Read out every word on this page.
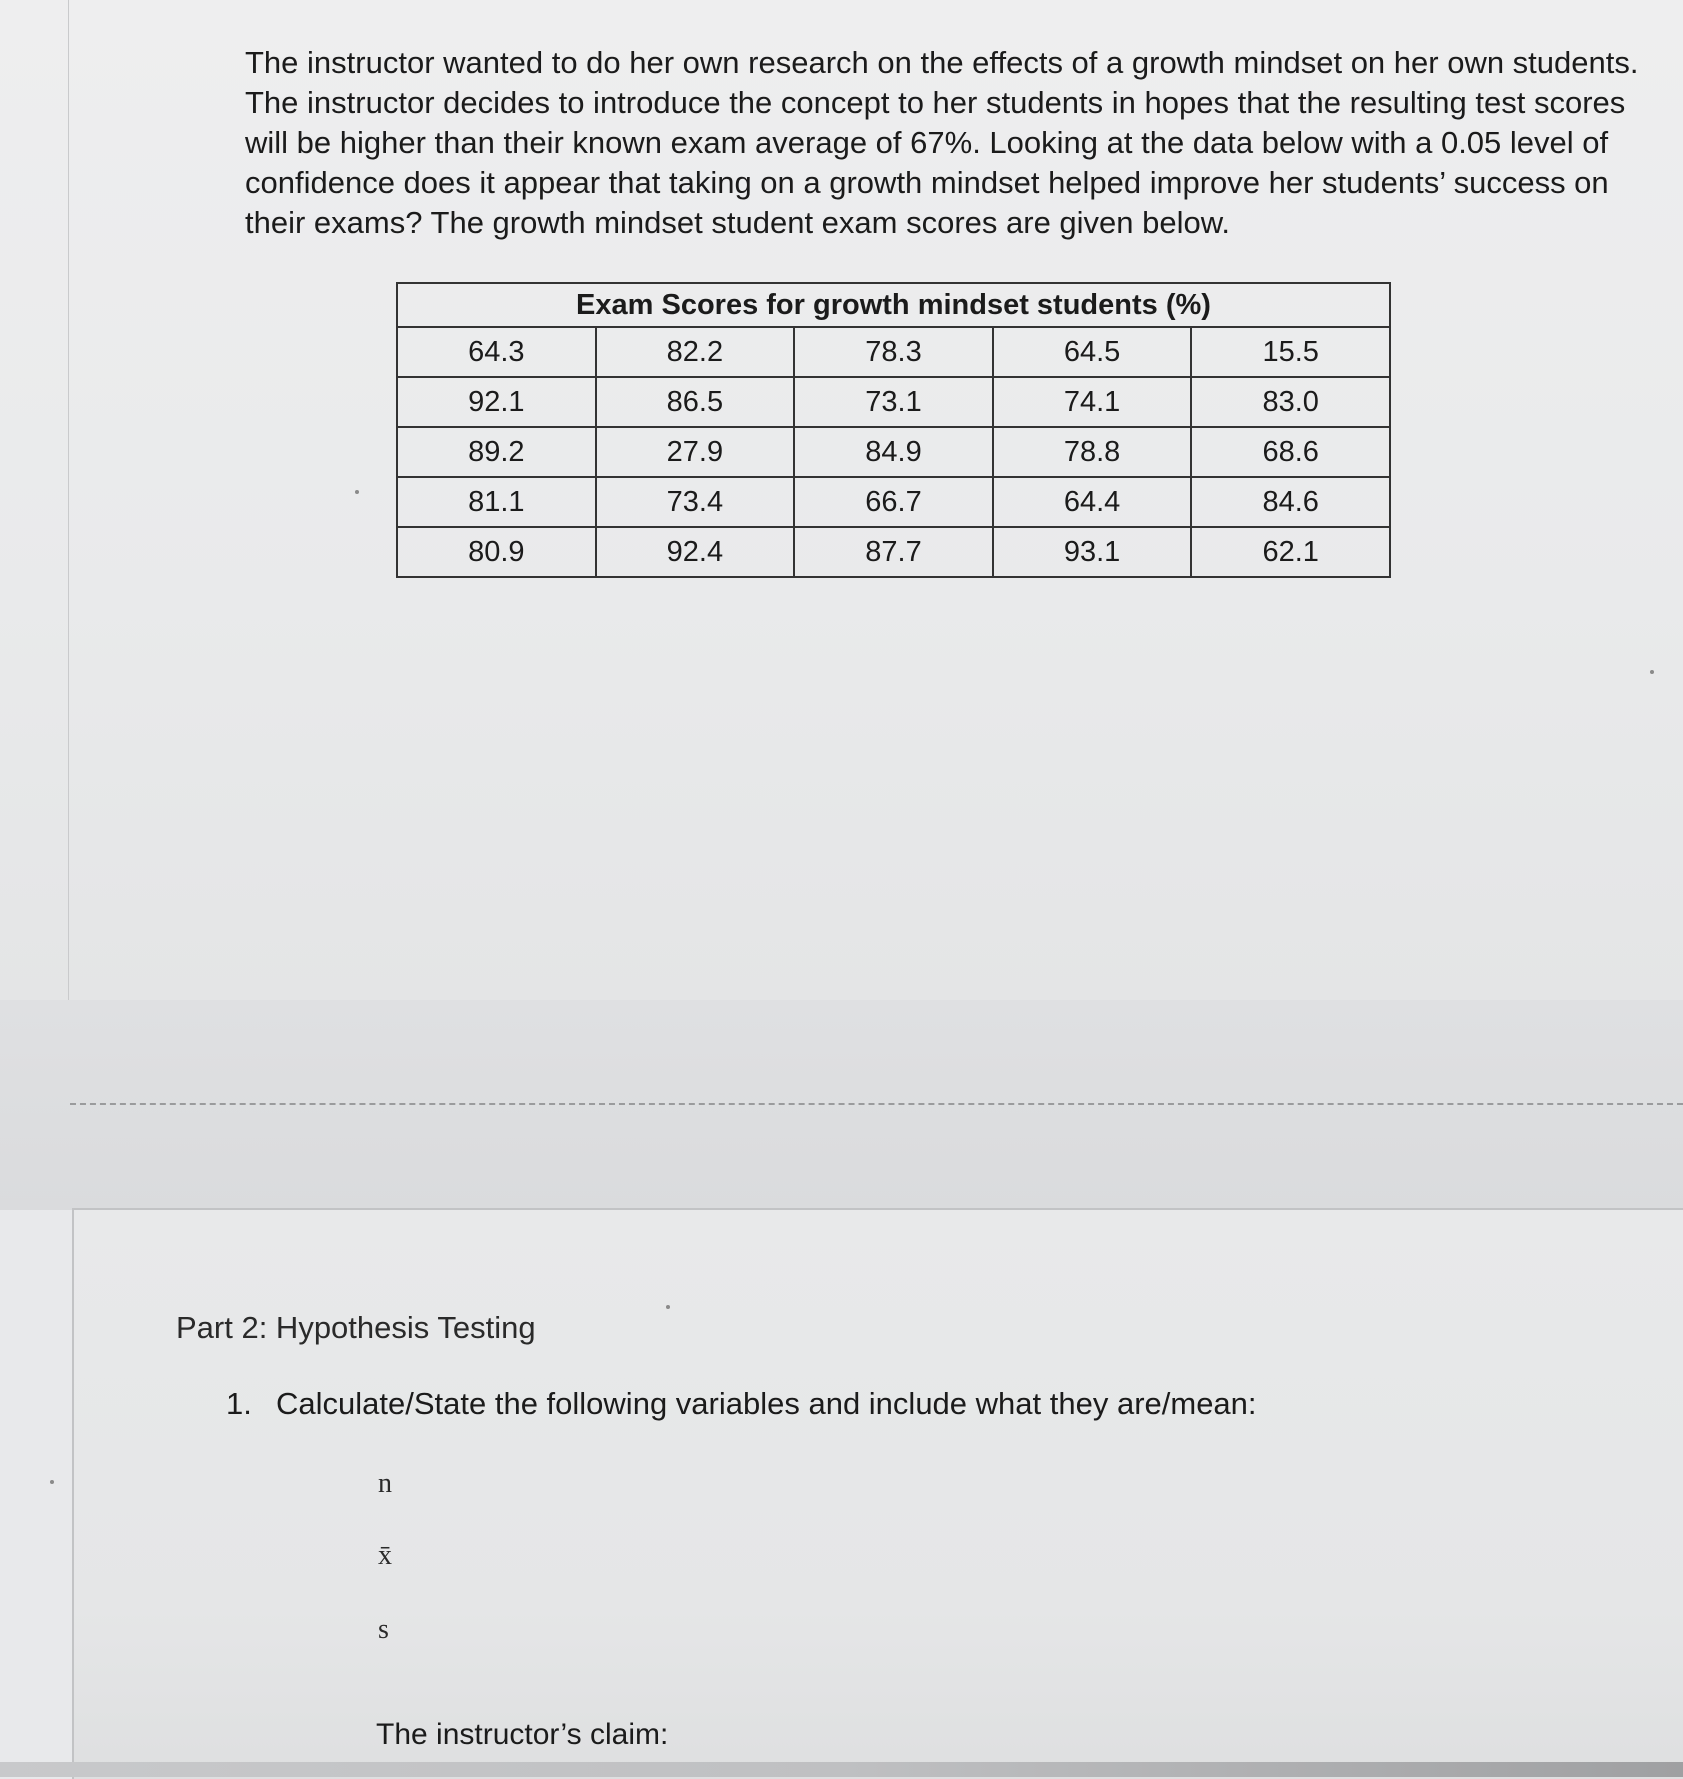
The instructor wanted to do her own research on the effects of a growth mindset on her own students. The instructor decides to introduce the concept to her students in hopes that the resulting test scores will be higher than their known exam average of 67%. Looking at the data below with a 0.05 level of confidence does it appear that taking on a growth mindset helped improve her students’ success on their exams? The growth mindset student exam scores are given below.

Exam Scores for growth mindset students (%)				
64.3	82.2	78.3	64.5	15.5
92.1	86.5	73.1	74.1	83.0
89.2	27.9	84.9	78.8	68.6
81.1	73.4	66.7	64.4	84.6
80.9	92.4	87.7	93.1	62.1
Part 2: Hypothesis Testing
1. Calculate/State the following variables and include what they are/mean:
n
x̄
s
The instructor’s claim:
